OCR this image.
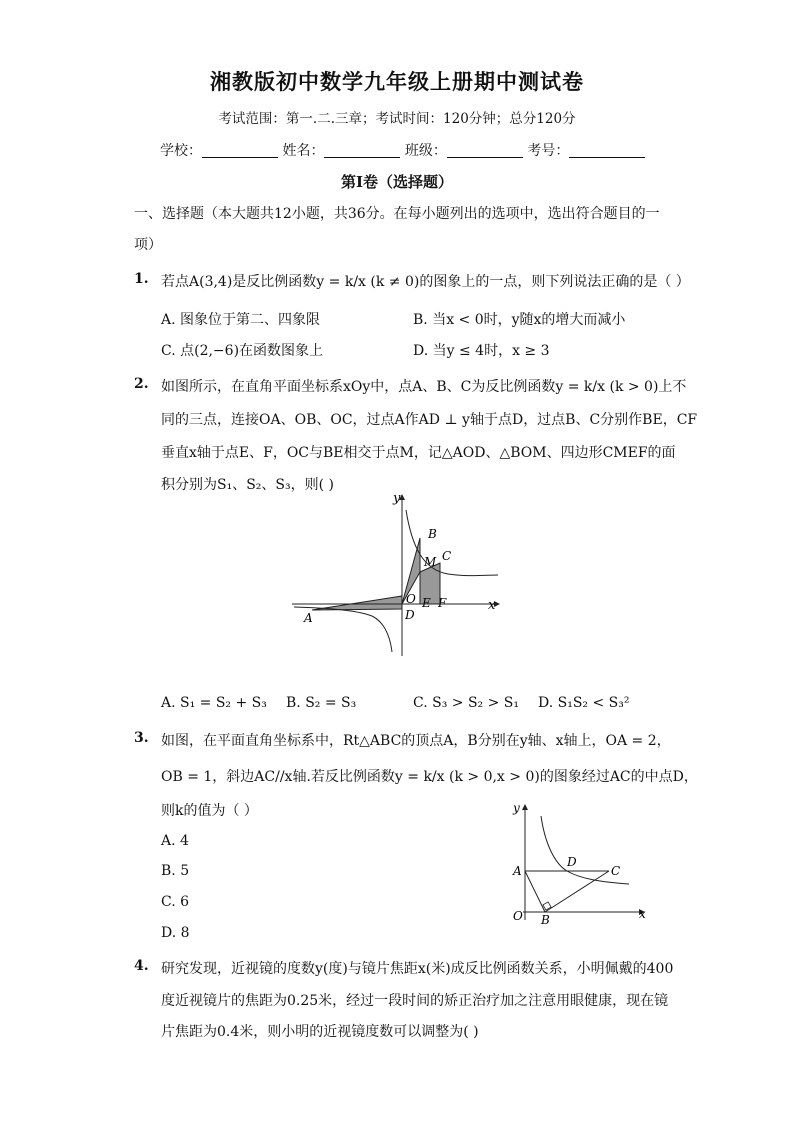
湘教版初中数学九年级上册期中测试卷
考试范围：第一.二.三章；考试时间：120分钟；总分120分
学校：	姓名：	班级：	考号：
第Ⅰ卷（选择题）
一、选择题（本大题共12小题，共36分。在每小题列出的选项中，选出符合题目的一
项）
1. 若点A(3,4)是反比例函数y = k/x (k ≠ 0)的图象上的一点，则下列说法正确的是（ ）
A. 图象位于第二、四象限	B. 当x < 0时，y随x的增大而减小
C. 点(2,−6)在函数图象上	D. 当y ≤ 4时，x ≥ 3
2. 如图所示，在直角平面坐标系xOy中，点A、B、C为反比例函数y = k/x (k > 0)上不
同的三点，连接OA、OB、OC，过点A作AD ⊥ y轴于点D，过点B、C分别作BE，CF
垂直x轴于点E、F，OC与BE相交于点M，记△AOD、△BOM、四边形CMEF的面
积分别为S₁、S₂、S₃，则( )
y
x
O
D
A
B
M C
E F
A. S₁ = S₂ + S₃ B. S₂ = S₃	C. S₃ > S₂ > S₁ D. S₁S₂ < S₃²
3. 如图，在平面直角坐标系中，Rt△ABC的顶点A，B分别在y轴、x轴上，OA = 2，
OB = 1，斜边AC//x轴.若反比例函数y = k/x (k > 0,x > 0)的图象经过AC的中点D，
则k的值为（ ）
A. 4
B. 5
C. 6
D. 8
y
x
O
A
B
C
D
4. 研究发现，近视镜的度数y(度)与镜片焦距x(米)成反比例函数关系，小明佩戴的400
度近视镜片的焦距为0.25米，经过一段时间的矫正治疗加之注意用眼健康，现在镜
片焦距为0.4米，则小明的近视镜度数可以调整为( )
